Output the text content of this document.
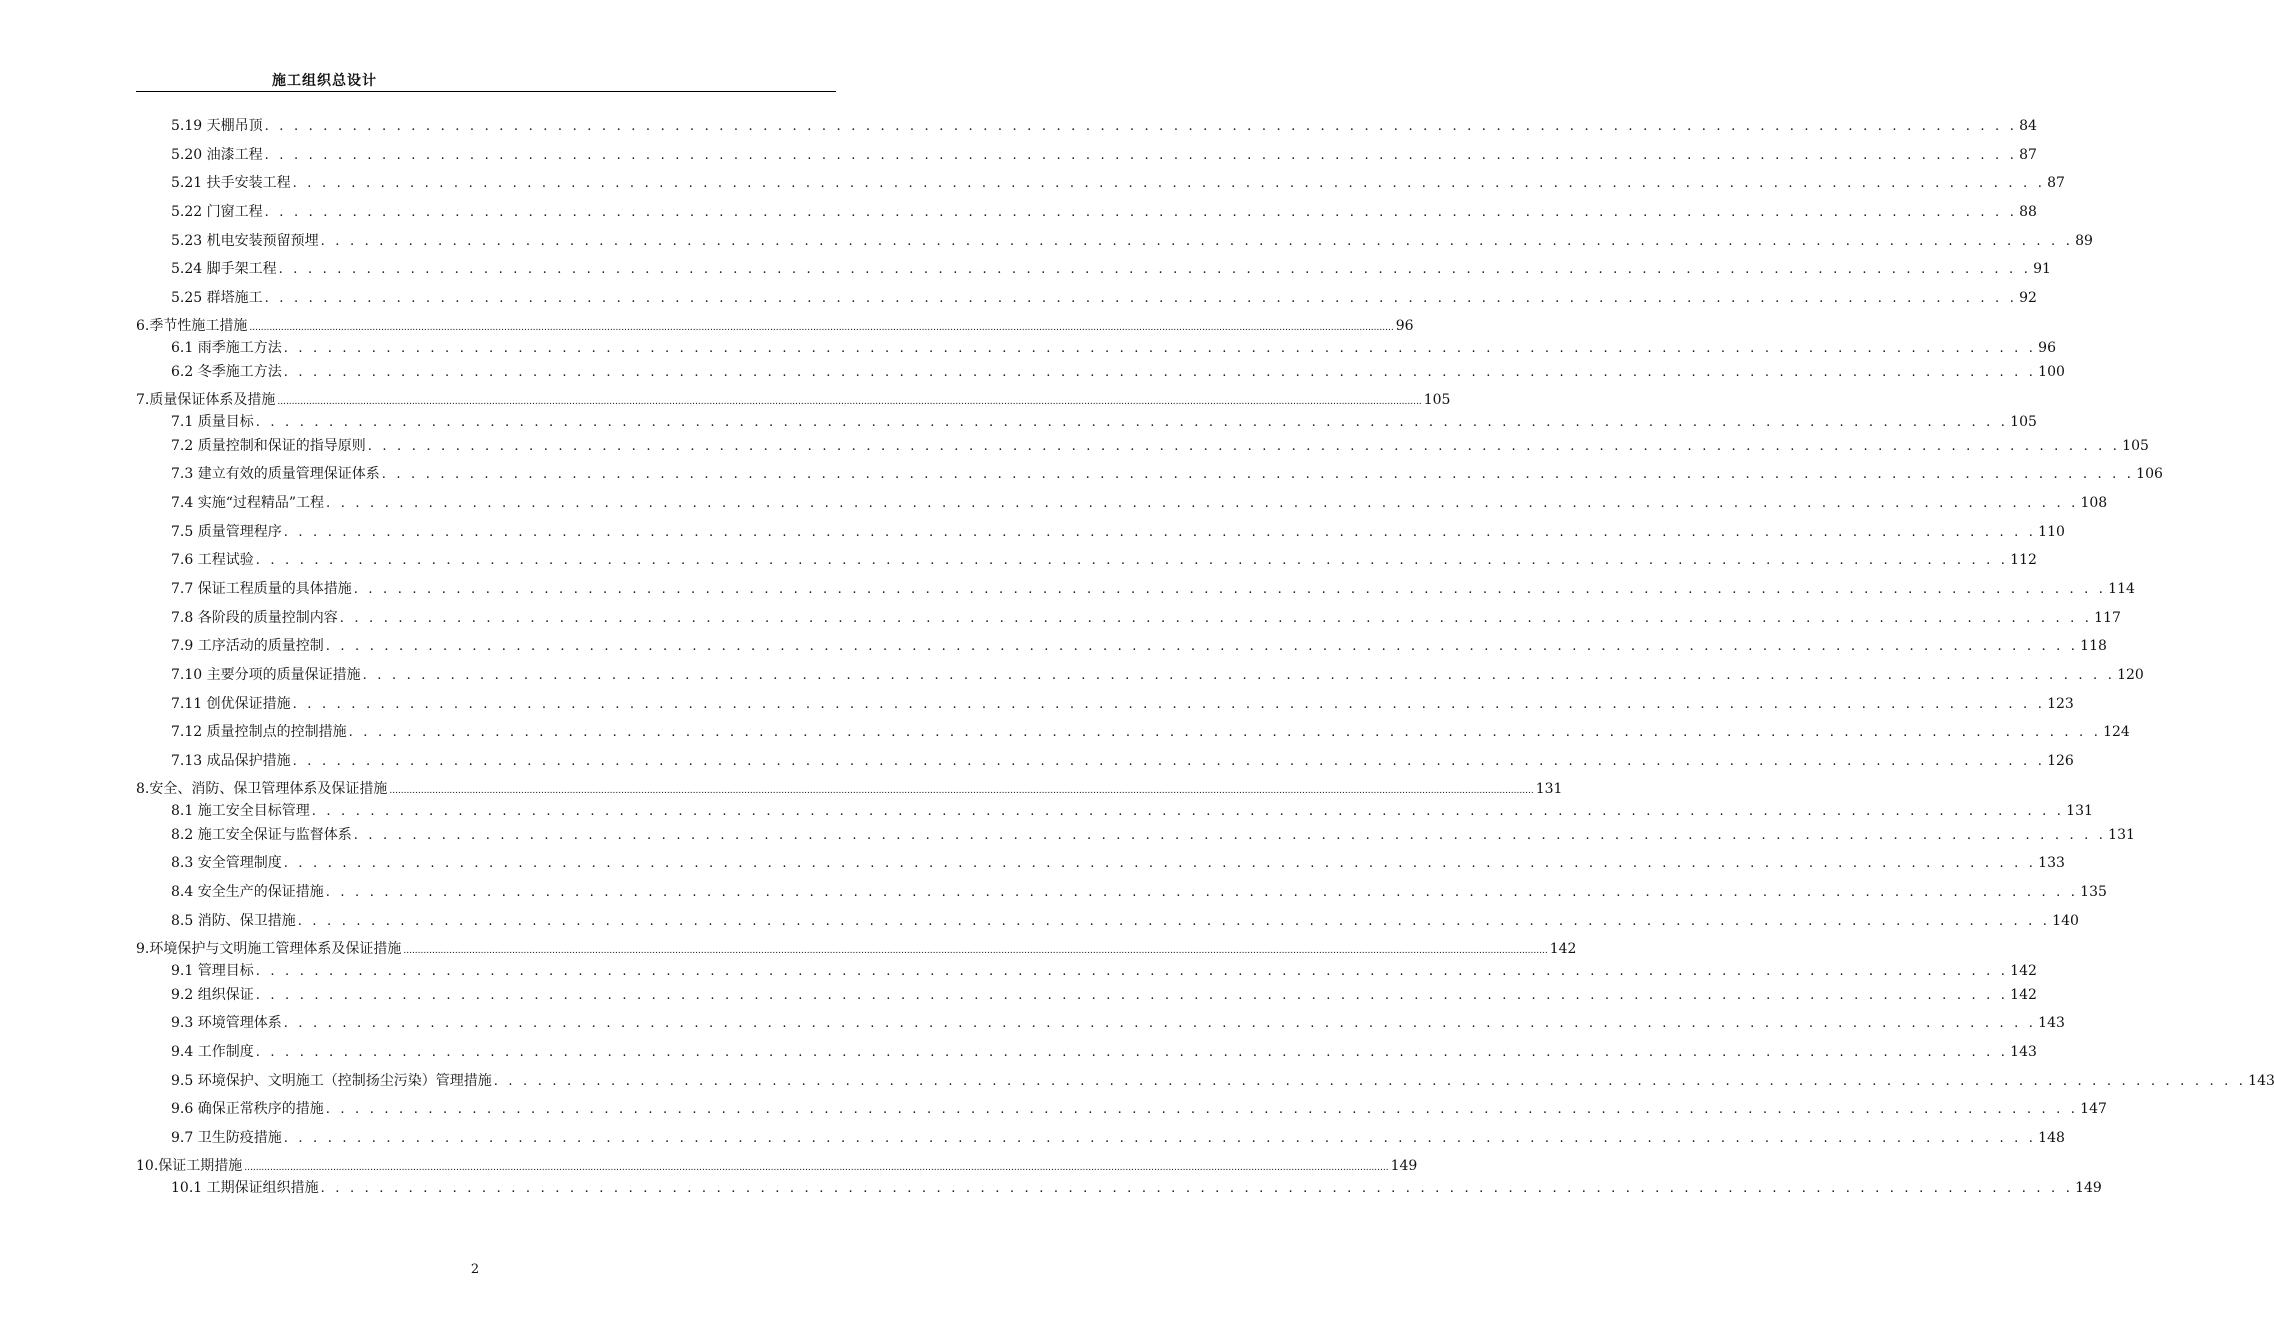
施工组织总设计
5.19 天棚吊顶 . . . . . . . . . . . . . . . . . . . . . . . . . . . . . . . . . . . . . . . . . . . . . . . . . . . . . . . . . . . . . . . . . . . . . . . . . . . . . . . . . . . . . . . . . . . . . . . . . . . . . . . . . . . . . . . . . . . . . . . . 84
5.20 油漆工程 . . . . . . . . . . . . . . . . . . . . . . . . . . . . . . . . . . . . . . . . . . . . . . . . . . . . . . . . . . . . . . . . . . . . . . . . . . . . . . . . . . . . . . . . . . . . . . . . . . . . . . . . . . . . . . . . . . . . . . . . 87
5.21 扶手安装工程 . . . . . . . . . . . . . . . . . . . . . . . . . . . . . . . . . . . . . . . . . . . . . . . . . . . . . . . . . . . . . . . . . . . . . . . . . . . . . . . . . . . . . . . . . . . . . . . . . . . . . . . . . . . . . . . . . . . . . . . . 87
5.22 门窗工程 . . . . . . . . . . . . . . . . . . . . . . . . . . . . . . . . . . . . . . . . . . . . . . . . . . . . . . . . . . . . . . . . . . . . . . . . . . . . . . . . . . . . . . . . . . . . . . . . . . . . . . . . . . . . . . . . . . . . . . . . 88
5.23 机电安装预留预埋 . . . . . . . . . . . . . . . . . . . . . . . . . . . . . . . . . . . . . . . . . . . . . . . . . . . . . . . . . . . . . . . . . . . . . . . . . . . . . . . . . . . . . . . . . . . . . . . . . . . . . . . . . . . . . . . . . . . . . . . . 89
5.24 脚手架工程 . . . . . . . . . . . . . . . . . . . . . . . . . . . . . . . . . . . . . . . . . . . . . . . . . . . . . . . . . . . . . . . . . . . . . . . . . . . . . . . . . . . . . . . . . . . . . . . . . . . . . . . . . . . . . . . . . . . . . . . . 91
5.25 群塔施工 . . . . . . . . . . . . . . . . . . . . . . . . . . . . . . . . . . . . . . . . . . . . . . . . . . . . . . . . . . . . . . . . . . . . . . . . . . . . . . . . . . . . . . . . . . . . . . . . . . . . . . . . . . . . . . . . . . . . . . . . 92
6.季节性施工措施 ................................................................................................................................................................................................................................................................................................................................................................................................................ 96
6.1 雨季施工方法 . . . . . . . . . . . . . . . . . . . . . . . . . . . . . . . . . . . . . . . . . . . . . . . . . . . . . . . . . . . . . . . . . . . . . . . . . . . . . . . . . . . . . . . . . . . . . . . . . . . . . . . . . . . . . . . . . . . . . . . . 96
6.2 冬季施工方法 . . . . . . . . . . . . . . . . . . . . . . . . . . . . . . . . . . . . . . . . . . . . . . . . . . . . . . . . . . . . . . . . . . . . . . . . . . . . . . . . . . . . . . . . . . . . . . . . . . . . . . . . . . . . . . . . . . . . . . . . 100
7.质量保证体系及措施 ................................................................................................................................................................................................................................................................................................................................................................................................................ 105
7.1 质量目标 . . . . . . . . . . . . . . . . . . . . . . . . . . . . . . . . . . . . . . . . . . . . . . . . . . . . . . . . . . . . . . . . . . . . . . . . . . . . . . . . . . . . . . . . . . . . . . . . . . . . . . . . . . . . . . . . . . . . . . . . 105
7.2 质量控制和保证的指导原则 . . . . . . . . . . . . . . . . . . . . . . . . . . . . . . . . . . . . . . . . . . . . . . . . . . . . . . . . . . . . . . . . . . . . . . . . . . . . . . . . . . . . . . . . . . . . . . . . . . . . . . . . . . . . . . . . . . . . . . . . 105
7.3 建立有效的质量管理保证体系 . . . . . . . . . . . . . . . . . . . . . . . . . . . . . . . . . . . . . . . . . . . . . . . . . . . . . . . . . . . . . . . . . . . . . . . . . . . . . . . . . . . . . . . . . . . . . . . . . . . . . . . . . . . . . . . . . . . . . . . . 106
7.4 实施“过程精品”工程 . . . . . . . . . . . . . . . . . . . . . . . . . . . . . . . . . . . . . . . . . . . . . . . . . . . . . . . . . . . . . . . . . . . . . . . . . . . . . . . . . . . . . . . . . . . . . . . . . . . . . . . . . . . . . . . . . . . . . . . . 108
7.5 质量管理程序 . . . . . . . . . . . . . . . . . . . . . . . . . . . . . . . . . . . . . . . . . . . . . . . . . . . . . . . . . . . . . . . . . . . . . . . . . . . . . . . . . . . . . . . . . . . . . . . . . . . . . . . . . . . . . . . . . . . . . . . . 110
7.6 工程试验 . . . . . . . . . . . . . . . . . . . . . . . . . . . . . . . . . . . . . . . . . . . . . . . . . . . . . . . . . . . . . . . . . . . . . . . . . . . . . . . . . . . . . . . . . . . . . . . . . . . . . . . . . . . . . . . . . . . . . . . . 112
7.7 保证工程质量的具体措施 . . . . . . . . . . . . . . . . . . . . . . . . . . . . . . . . . . . . . . . . . . . . . . . . . . . . . . . . . . . . . . . . . . . . . . . . . . . . . . . . . . . . . . . . . . . . . . . . . . . . . . . . . . . . . . . . . . . . . . . . 114
7.8 各阶段的质量控制内容 . . . . . . . . . . . . . . . . . . . . . . . . . . . . . . . . . . . . . . . . . . . . . . . . . . . . . . . . . . . . . . . . . . . . . . . . . . . . . . . . . . . . . . . . . . . . . . . . . . . . . . . . . . . . . . . . . . . . . . . . 117
7.9 工序活动的质量控制 . . . . . . . . . . . . . . . . . . . . . . . . . . . . . . . . . . . . . . . . . . . . . . . . . . . . . . . . . . . . . . . . . . . . . . . . . . . . . . . . . . . . . . . . . . . . . . . . . . . . . . . . . . . . . . . . . . . . . . . . 118
7.10 主要分项的质量保证措施 . . . . . . . . . . . . . . . . . . . . . . . . . . . . . . . . . . . . . . . . . . . . . . . . . . . . . . . . . . . . . . . . . . . . . . . . . . . . . . . . . . . . . . . . . . . . . . . . . . . . . . . . . . . . . . . . . . . . . . . . 120
7.11 创优保证措施 . . . . . . . . . . . . . . . . . . . . . . . . . . . . . . . . . . . . . . . . . . . . . . . . . . . . . . . . . . . . . . . . . . . . . . . . . . . . . . . . . . . . . . . . . . . . . . . . . . . . . . . . . . . . . . . . . . . . . . . . 123
7.12 质量控制点的控制措施 . . . . . . . . . . . . . . . . . . . . . . . . . . . . . . . . . . . . . . . . . . . . . . . . . . . . . . . . . . . . . . . . . . . . . . . . . . . . . . . . . . . . . . . . . . . . . . . . . . . . . . . . . . . . . . . . . . . . . . . . 124
7.13 成品保护措施 . . . . . . . . . . . . . . . . . . . . . . . . . . . . . . . . . . . . . . . . . . . . . . . . . . . . . . . . . . . . . . . . . . . . . . . . . . . . . . . . . . . . . . . . . . . . . . . . . . . . . . . . . . . . . . . . . . . . . . . . 126
8.安全、消防、保卫管理体系及保证措施 ................................................................................................................................................................................................................................................................................................................................................................................................................ 131
8.1 施工安全目标管理 . . . . . . . . . . . . . . . . . . . . . . . . . . . . . . . . . . . . . . . . . . . . . . . . . . . . . . . . . . . . . . . . . . . . . . . . . . . . . . . . . . . . . . . . . . . . . . . . . . . . . . . . . . . . . . . . . . . . . . . . 131
8.2 施工安全保证与监督体系 . . . . . . . . . . . . . . . . . . . . . . . . . . . . . . . . . . . . . . . . . . . . . . . . . . . . . . . . . . . . . . . . . . . . . . . . . . . . . . . . . . . . . . . . . . . . . . . . . . . . . . . . . . . . . . . . . . . . . . . . 131
8.3 安全管理制度 . . . . . . . . . . . . . . . . . . . . . . . . . . . . . . . . . . . . . . . . . . . . . . . . . . . . . . . . . . . . . . . . . . . . . . . . . . . . . . . . . . . . . . . . . . . . . . . . . . . . . . . . . . . . . . . . . . . . . . . . 133
8.4 安全生产的保证措施 . . . . . . . . . . . . . . . . . . . . . . . . . . . . . . . . . . . . . . . . . . . . . . . . . . . . . . . . . . . . . . . . . . . . . . . . . . . . . . . . . . . . . . . . . . . . . . . . . . . . . . . . . . . . . . . . . . . . . . . . 135
8.5 消防、保卫措施 . . . . . . . . . . . . . . . . . . . . . . . . . . . . . . . . . . . . . . . . . . . . . . . . . . . . . . . . . . . . . . . . . . . . . . . . . . . . . . . . . . . . . . . . . . . . . . . . . . . . . . . . . . . . . . . . . . . . . . . . 140
9.环境保护与文明施工管理体系及保证措施 ................................................................................................................................................................................................................................................................................................................................................................................................................ 142
9.1 管理目标 . . . . . . . . . . . . . . . . . . . . . . . . . . . . . . . . . . . . . . . . . . . . . . . . . . . . . . . . . . . . . . . . . . . . . . . . . . . . . . . . . . . . . . . . . . . . . . . . . . . . . . . . . . . . . . . . . . . . . . . . 142
9.2 组织保证 . . . . . . . . . . . . . . . . . . . . . . . . . . . . . . . . . . . . . . . . . . . . . . . . . . . . . . . . . . . . . . . . . . . . . . . . . . . . . . . . . . . . . . . . . . . . . . . . . . . . . . . . . . . . . . . . . . . . . . . . 142
9.3 环境管理体系 . . . . . . . . . . . . . . . . . . . . . . . . . . . . . . . . . . . . . . . . . . . . . . . . . . . . . . . . . . . . . . . . . . . . . . . . . . . . . . . . . . . . . . . . . . . . . . . . . . . . . . . . . . . . . . . . . . . . . . . . 143
9.4 工作制度 . . . . . . . . . . . . . . . . . . . . . . . . . . . . . . . . . . . . . . . . . . . . . . . . . . . . . . . . . . . . . . . . . . . . . . . . . . . . . . . . . . . . . . . . . . . . . . . . . . . . . . . . . . . . . . . . . . . . . . . . 143
9.5 环境保护、文明施工（控制扬尘污染）管理措施 . . . . . . . . . . . . . . . . . . . . . . . . . . . . . . . . . . . . . . . . . . . . . . . . . . . . . . . . . . . . . . . . . . . . . . . . . . . . . . . . . . . . . . . . . . . . . . . . . . . . . . . . . . . . . . . . . . . . . . . . 143
9.6 确保正常秩序的措施 . . . . . . . . . . . . . . . . . . . . . . . . . . . . . . . . . . . . . . . . . . . . . . . . . . . . . . . . . . . . . . . . . . . . . . . . . . . . . . . . . . . . . . . . . . . . . . . . . . . . . . . . . . . . . . . . . . . . . . . . 147
9.7 卫生防疫措施 . . . . . . . . . . . . . . . . . . . . . . . . . . . . . . . . . . . . . . . . . . . . . . . . . . . . . . . . . . . . . . . . . . . . . . . . . . . . . . . . . . . . . . . . . . . . . . . . . . . . . . . . . . . . . . . . . . . . . . . . 148
10.保证工期措施 ................................................................................................................................................................................................................................................................................................................................................................................................................ 149
10.1 工期保证组织措施 . . . . . . . . . . . . . . . . . . . . . . . . . . . . . . . . . . . . . . . . . . . . . . . . . . . . . . . . . . . . . . . . . . . . . . . . . . . . . . . . . . . . . . . . . . . . . . . . . . . . . . . . . . . . . . . . . . . . . . . . 149
2
